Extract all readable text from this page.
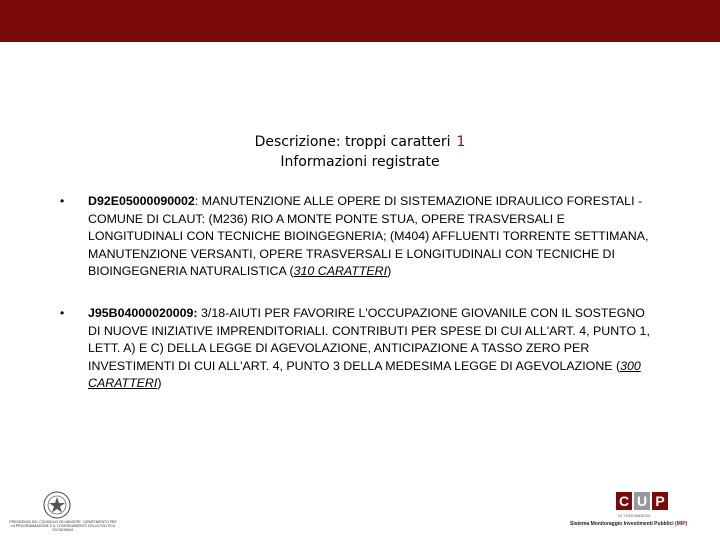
Descrizione: troppi caratteri 1
Informazioni registrate
• D92E05000090002: MANUTENZIONE ALLE OPERE DI SISTEMAZIONE IDRAULICO FORESTALI - COMUNE DI CLAUT: (M236) RIO A MONTE PONTE STUA, OPERE TRASVERSALI E LONGITUDINALI CON TECNICHE BIOINGEGNERIA; (M404) AFFLUENTI TORRENTE SETTIMANA, MANUTENZIONE VERSANTI, OPERE TRASVERSALI E LONGITUDINALI CON TECNICHE DI BIOINGEGNERIA NATURALISTICA (310 CARATTERI)
• J95B04000020009: 3/18-AIUTI PER FAVORIRE L'OCCUPAZIONE GIOVANILE CON IL SOSTEGNO DI NUOVE INIZIATIVE IMPRENDITORIALI. CONTRIBUTI PER SPESE DI CUI ALL'ART. 4, PUNTO 1, LETT. A) E C) DELLA LEGGE DI AGEVOLAZIONE, ANTICIPAZIONE A TASSO ZERO PER INVESTIMENTI DI CUI ALL'ART. 4, PUNTO 3 DELLA MEDESIMA LEGGE DI AGEVOLAZIONE (300 CARATTERI)
PRESIDENZA DEL CONSIGLIO DEI MINISTRI · DIPARTIMENTO PER LA PROGRAMMAZIONE E IL COORDINAMENTO DELLA POLITICA ECONOMICA
C U P
DI 71ND3MDEDN
Sistema Monitoraggio Investimenti Pubblici (MIP)
